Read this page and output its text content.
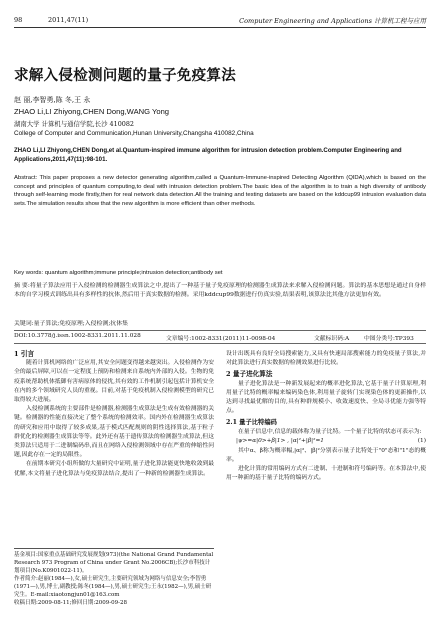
98	2011,47(11)	Computer Engineering and Applications 计算机工程与应用
求解入侵检测问题的量子免疫算法
赵 丽,李智勇,陈 冬,王 永
ZHAO Li,LI Zhiyong,CHEN Dong,WANG Yong
湖南大学 计算机与通信学院,长沙 410082
College of Computer and Communication,Hunan University,Changsha 410082,China
ZHAO Li,LI Zhiyong,CHEN Dong,et al.Quantum-inspired immune algorithm for intrusion detection problem.Computer Engineering and Applications,2011,47(11):98-101.
Abstract: This paper proposes a new detector generating algorithm,called a Quantum-Immune-inspired Detecting Algorithm (QIDA),which is based on the concept and principles of quantum computing,to deal with intrusion detection problem.The basic idea of the algorithm is to train a high diversity of antibody through self-learning mode firstly,then for real network data detection.All the training and testing datasets are based on the kddcup99 intrusion evaluation data sets.The simulation results show that the new algorithm is more efficient than other methods.
Key words: quantum algorithm;immune principle;intrusion detection;antibody set
摘 要:将量子算法应用于入侵检测的检测器生成算法之中,提出了一种基于量子免疫原理的检测器生成算法来求解入侵检测问题。算法的基本思想是通过自身样本的自学习模式训练出具有多样性的抗体,然后用于真实数据的检测。采用kddcup99数据进行仿真实验,结果表明,该算法比其他方法更加有效。
关键词:量子算法;免疫原理;入侵检测;抗体集
DOI:10.3778/j.issn.1002-8331.2011.11.028	文章编号:1002-8331(2011)11-0098-04	文献标识码:A	中图分类号:TP393
1 引言

随着计算机网络的广泛应用,其安全问题变得越来越突出。入侵检测作为安全的最后屏障,可以在一定程度上预防和检测来自系统内外部的入侵。生物的免疫系统帮助机体抵御有害病原体的侵扰,其有效的工作机制引起包括计算机安全在内的多个领域研究人员的重视。目前,对基于免疫机制入侵检测模型的研究已取得较大进展。

入侵检测系统的主要部件是检测器,检测器生成算法是生成有效检测器的关键。检测器的性能直接决定了整个系统的检测效率。国内外在检测器生成算法的研究和应用中取得了较多成果,基于模式匹配规则的阴性选择算法,基于粒子群优化的检测器生成算法等等。此外还有基于遗传算法的检测器生成算法,但这类算法只适用于二进制编码串,而且在网络入侵检测领域中存在严重的伸缩性问题,因此存在一定的局限性。

在前期本研究小组所做的大量研究中证明,量子进化算法能更快地收敛到最优解,本文将量子进化算法与免疫算法结合,提出了一种新的检测器生成算法。

设计出既具有良好全局搜索能力,又具有快速局部搜索能力的免疫量子算法,并对此算法进行真实数据的检测效果进行比较。

2 量子进化算法

量子进化算法是一种新发展起来的概率进化算法,它基于量子计算原理,利用量子比特的概率幅来编码染色体,利用量子旋转门实现染色体的更新操作,以达到寻找最优解的目的,具有种群规模小、收敛速度快、全局寻优能力强等特点。

2.1 量子比特编码

在量子信息中,信息的载体称为量子比特。一个量子比特的状态可表示为:

|ψ>=α|0>+β|1> , |α|²+|β|²=1	(1)

其中α、β称为概率幅,|α|²、|β|²分别表示量子比特处于"0"态和"1"态的概率。

进化计算的常用编码方式有二进制、十进制和符号编码等。在本算法中,使用一种新的基于量子比特的编码方式。

基金项目:国家重点基础研究发展规划(973)(the National Grand Fundamental Research 973 Program of China under Grant No.2006CB);长沙市科技计划项目(No.K0901022-11)。
作者简介:赵丽(1984—),女,硕士研究生,主要研究领域为网络与信息安全;李智勇(1971—),男,博士,副教授;陈冬(1984—),男,硕士研究生;王永(1982—),男,硕士研究生。E-mail:xiaotongjun01@163.com
收稿日期:2009-08-11;修回日期:2009-09-28
